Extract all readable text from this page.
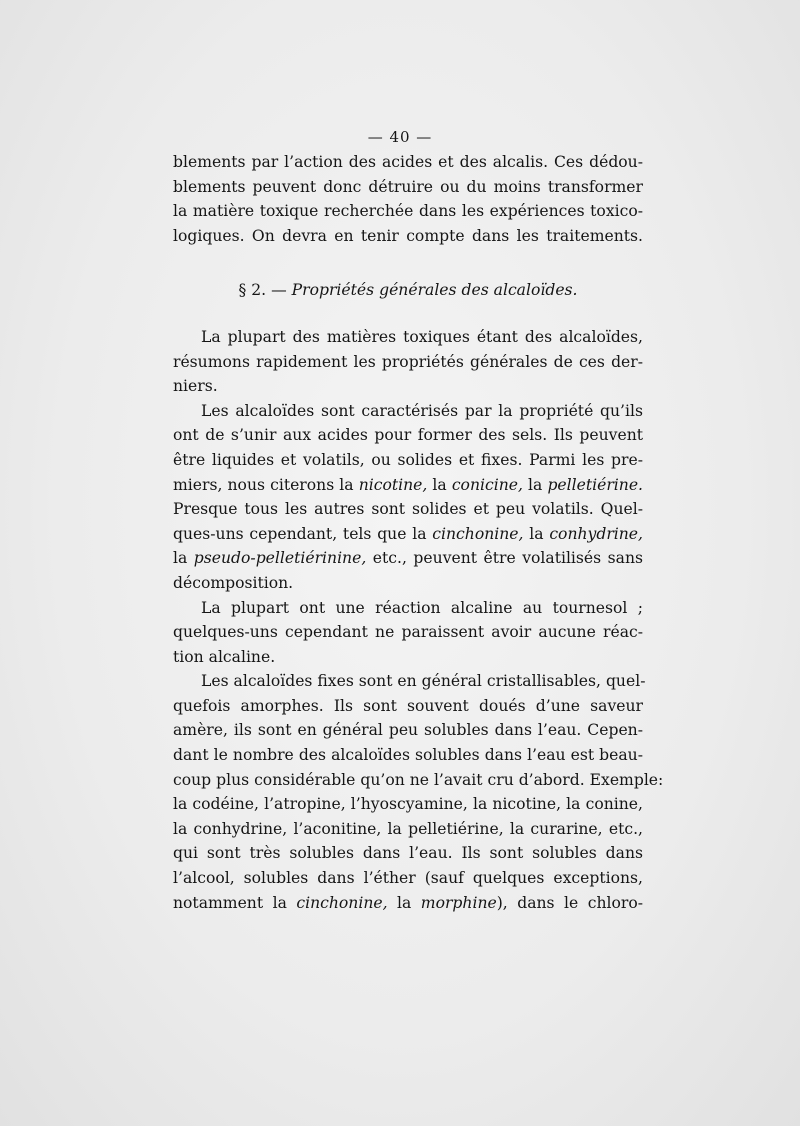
— 40 —
blements par l’action des acides et des alcalis. Ces dédou-
blements peuvent donc détruire ou du moins transformer
la matière toxique recherchée dans les expériences toxico-
logiques. On devra en tenir compte dans les traitements.
§ 2. — Propriétés générales des alcaloïdes.
La plupart des matières toxiques étant des alcaloïdes,
résumons rapidement les propriétés générales de ces der-
niers.
Les alcaloïdes sont caractérisés par la propriété qu’ils
ont de s’unir aux acides pour former des sels. Ils peuvent
être liquides et volatils, ou solides et fixes. Parmi les pre-
miers, nous citerons la nicotine, la conicine, la pelletiérine.
Presque tous les autres sont solides et peu volatils. Quel-
ques-uns cependant, tels que la cinchonine, la conhydrine,
la pseudo-pelletiérinine, etc., peuvent être volatilisés sans
décomposition.
La plupart ont une réaction alcaline au tournesol ;
quelques-uns cependant ne paraissent avoir aucune réac-
tion alcaline.
Les alcaloïdes fixes sont en général cristallisables, quel-
quefois amorphes. Ils sont souvent doués d’une saveur
amère, ils sont en général peu solubles dans l’eau. Cepen-
dant le nombre des alcaloïdes solubles dans l’eau est beau-
coup plus considérable qu’on ne l’avait cru d’abord. Exemple:
la codéine, l’atropine, l’hyoscyamine, la nicotine, la conine,
la conhydrine, l’aconitine, la pelletiérine, la curarine, etc.,
qui sont très solubles dans l’eau. Ils sont solubles dans
l’alcool, solubles dans l’éther (sauf quelques exceptions,
notamment la cinchonine, la morphine), dans le chloro-
